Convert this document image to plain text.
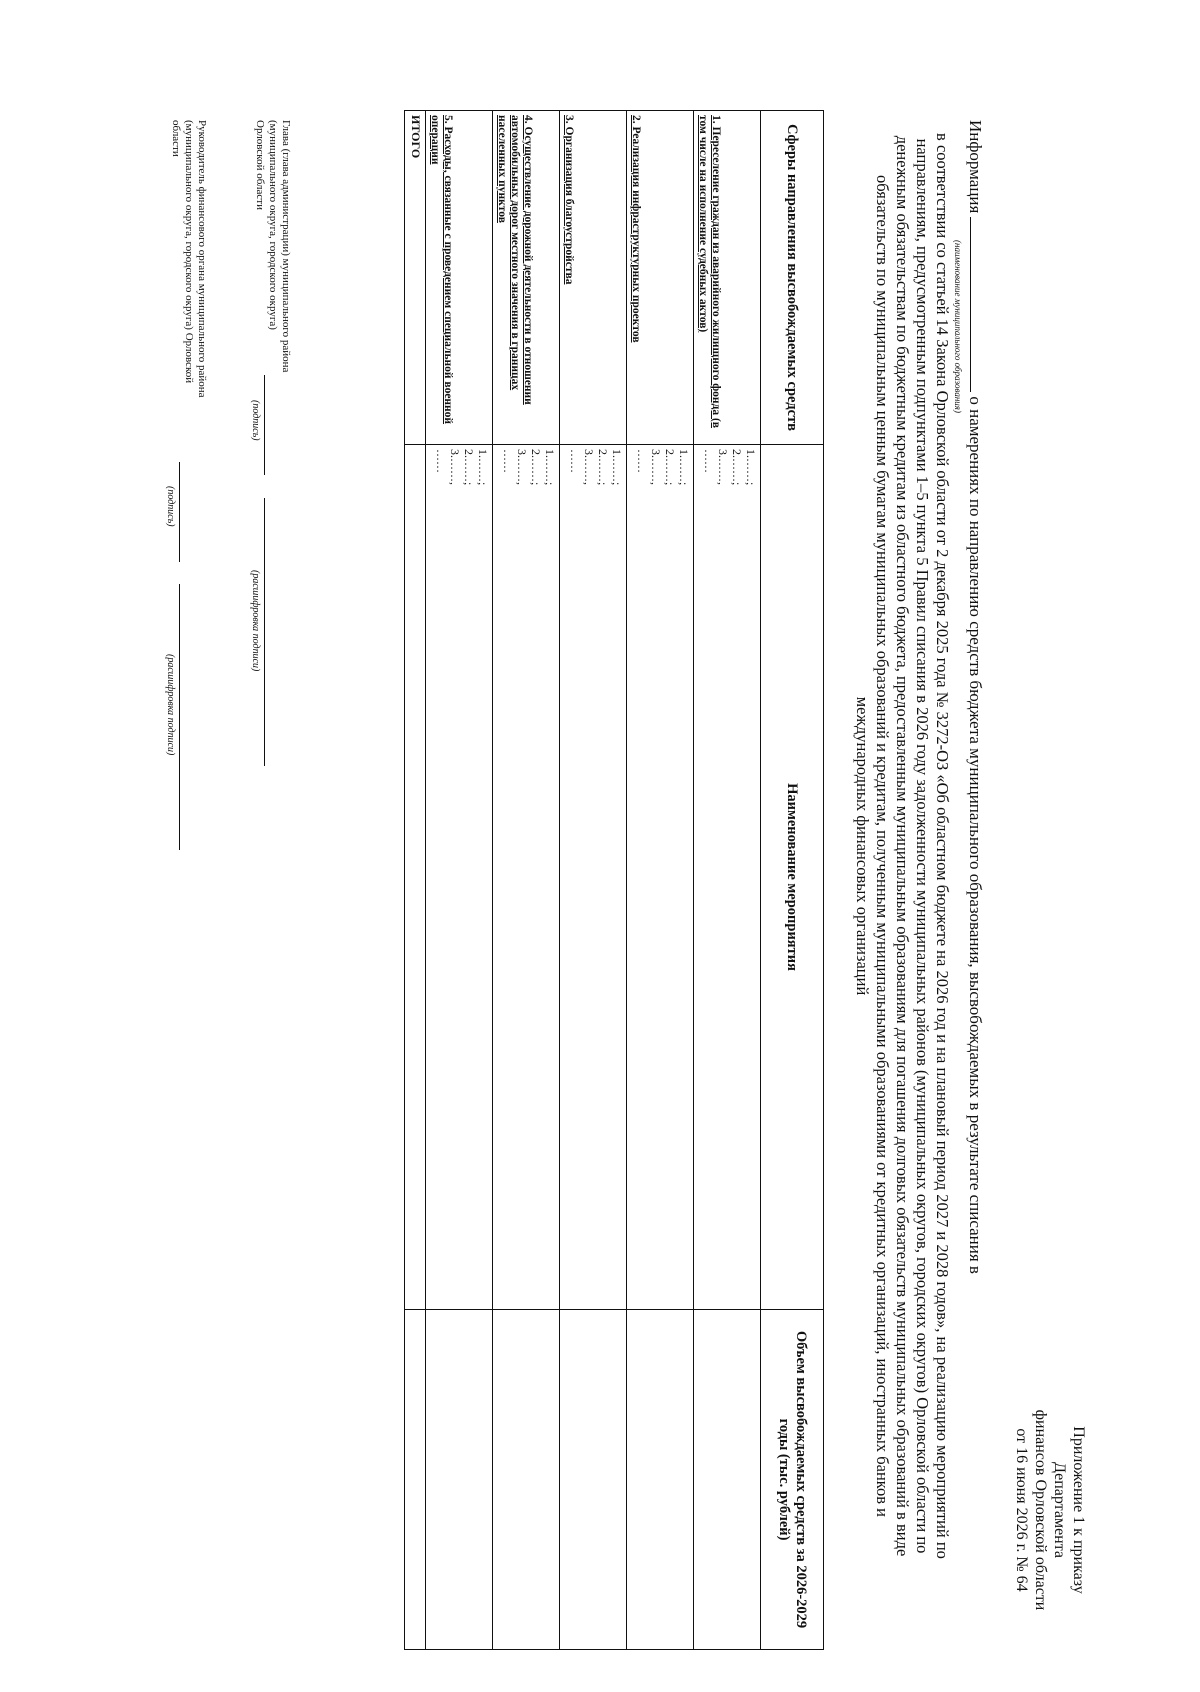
Приложение 1 к приказу Департамента
финансов Орловской области
от 16 июня 2026 г. № 64
Информацияо намерениях по направлению средств бюджета муниципального образования, высвобождаемых в результате списания в
(наименование муниципального образования)
в соответствии со статьей 14 Закона Орловской области от 2 декабря 2025 года № 3272-ОЗ «Об областном бюджете на 2026 год и на плановый период 2027 и 2028 годов», на реализацию мероприятий по направлениям, предусмотренным подпунктами 1–5 пункта 5 Правил списания в 2026 году задолженности муниципальных районов (муниципальных округов, городских округов) Орловской области по денежным обязательствам по бюджетным кредитам из областного бюджета, предоставленным муниципальным образованиям для погашения долговых обязательств муниципальных образований в виде обязательств по муниципальным ценным бумагам муниципальных образований и кредитам, полученным муниципальными образованиями от кредитных организаций, иностранных банков и международных финансовых организаций
Сферы направления высвобождаемых средств	Наименование мероприятия	Объем высвобождаемых средств за 2026-2029 годы (тыс. рублей)
1. Переселение граждан из аварийного жилищного фонда (в том числе на исполнение судебных актов)	1.……;
2.……;
3.……,
……	

2. Реализация инфраструктурных проектов	1.……;
2.……;
3.……,
……	

3. Организация благоустройства	1.……;
2.……;
3.……,
……	

4. Осуществление дорожной деятельности в отношении автомобильных дорог местного значения в границах населенных пунктов	1.……;
2.……;
3.……,
……	

5. Расходы, связанные с проведением специальной военной операции	1.……;
2.……;
3.……,
……	

ИТОГО		
Глава (глава администрации) муниципального района (муниципального округа, городского округа) Орловской области
(подпись)
(расшифровка подписи)
Руководитель финансового органа муниципального района (муниципального округа, городского округа) Орловской области
(подпись)
(расшифровка подписи)
